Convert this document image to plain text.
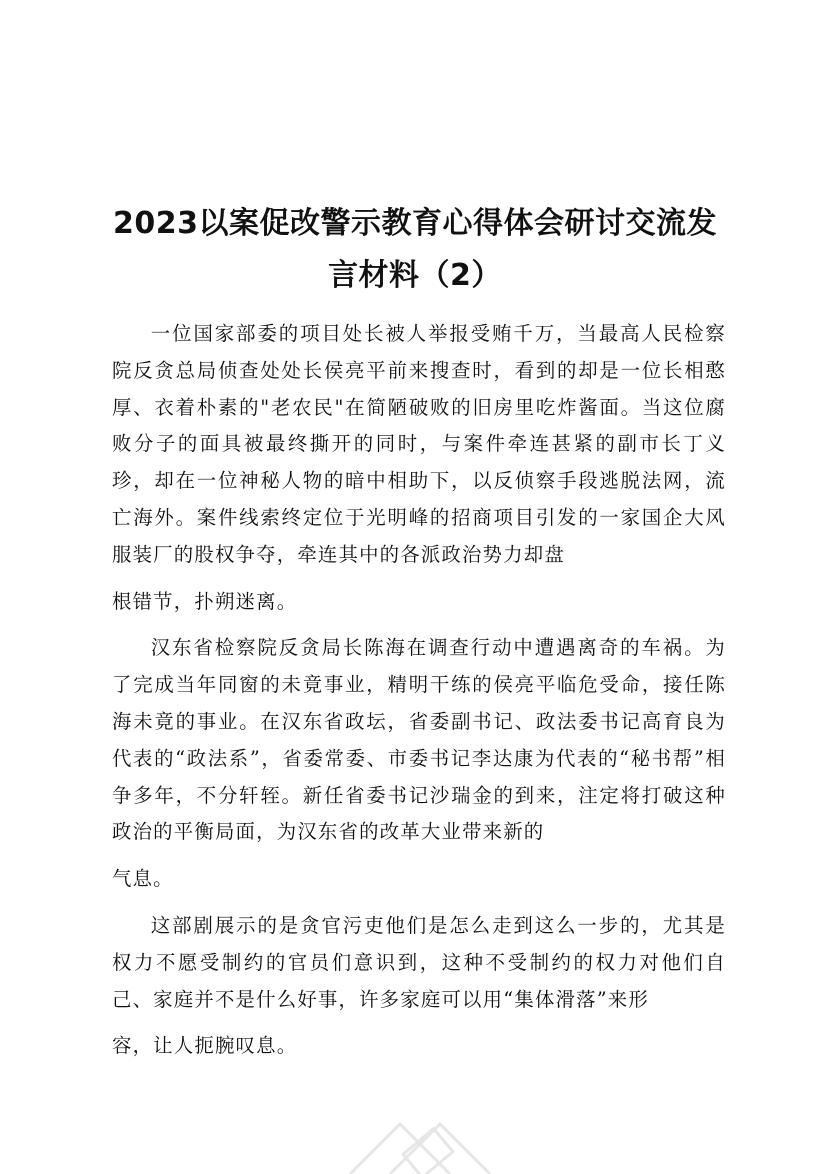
2023以案促改警示教育心得体会研讨交流发
言材料（2）

一位国家部委的项目处长被人举报受贿千万，当最高人民检察院反贪总局侦查处处长侯亮平前来搜查时，看到的却是一位长相憨厚、衣着朴素的"老农民"在简陋破败的旧房里吃炸酱面。当这位腐败分子的面具被最终撕开的同时，与案件牵连甚紧的副市长丁义珍，却在一位神秘人物的暗中相助下，以反侦察手段逃脱法网，流亡海外。案件线索终定位于光明峰的招商项目引发的一家国企大风服装厂的股权争夺，牵连其中的各派政治势力却盘
根错节，扑朔迷离。

汉东省检察院反贪局长陈海在调查行动中遭遇离奇的车祸。为了完成当年同窗的未竟事业，精明干练的侯亮平临危受命，接任陈海未竟的事业。在汉东省政坛，省委副书记、政法委书记高育良为代表的“政法系”，省委常委、市委书记李达康为代表的“秘书帮”相争多年，不分轩轾。新任省委书记沙瑞金的到来，注定将打破这种政治的平衡局面，为汉东省的改革大业带来新的
气息。

这部剧展示的是贪官污吏他们是怎么走到这么一步的，尤其是权力不愿受制约的官员们意识到，这种不受制约的权力对他们自己、家庭并不是什么好事，许多家庭可以用“集体滑落”来形
容，让人扼腕叹息。
